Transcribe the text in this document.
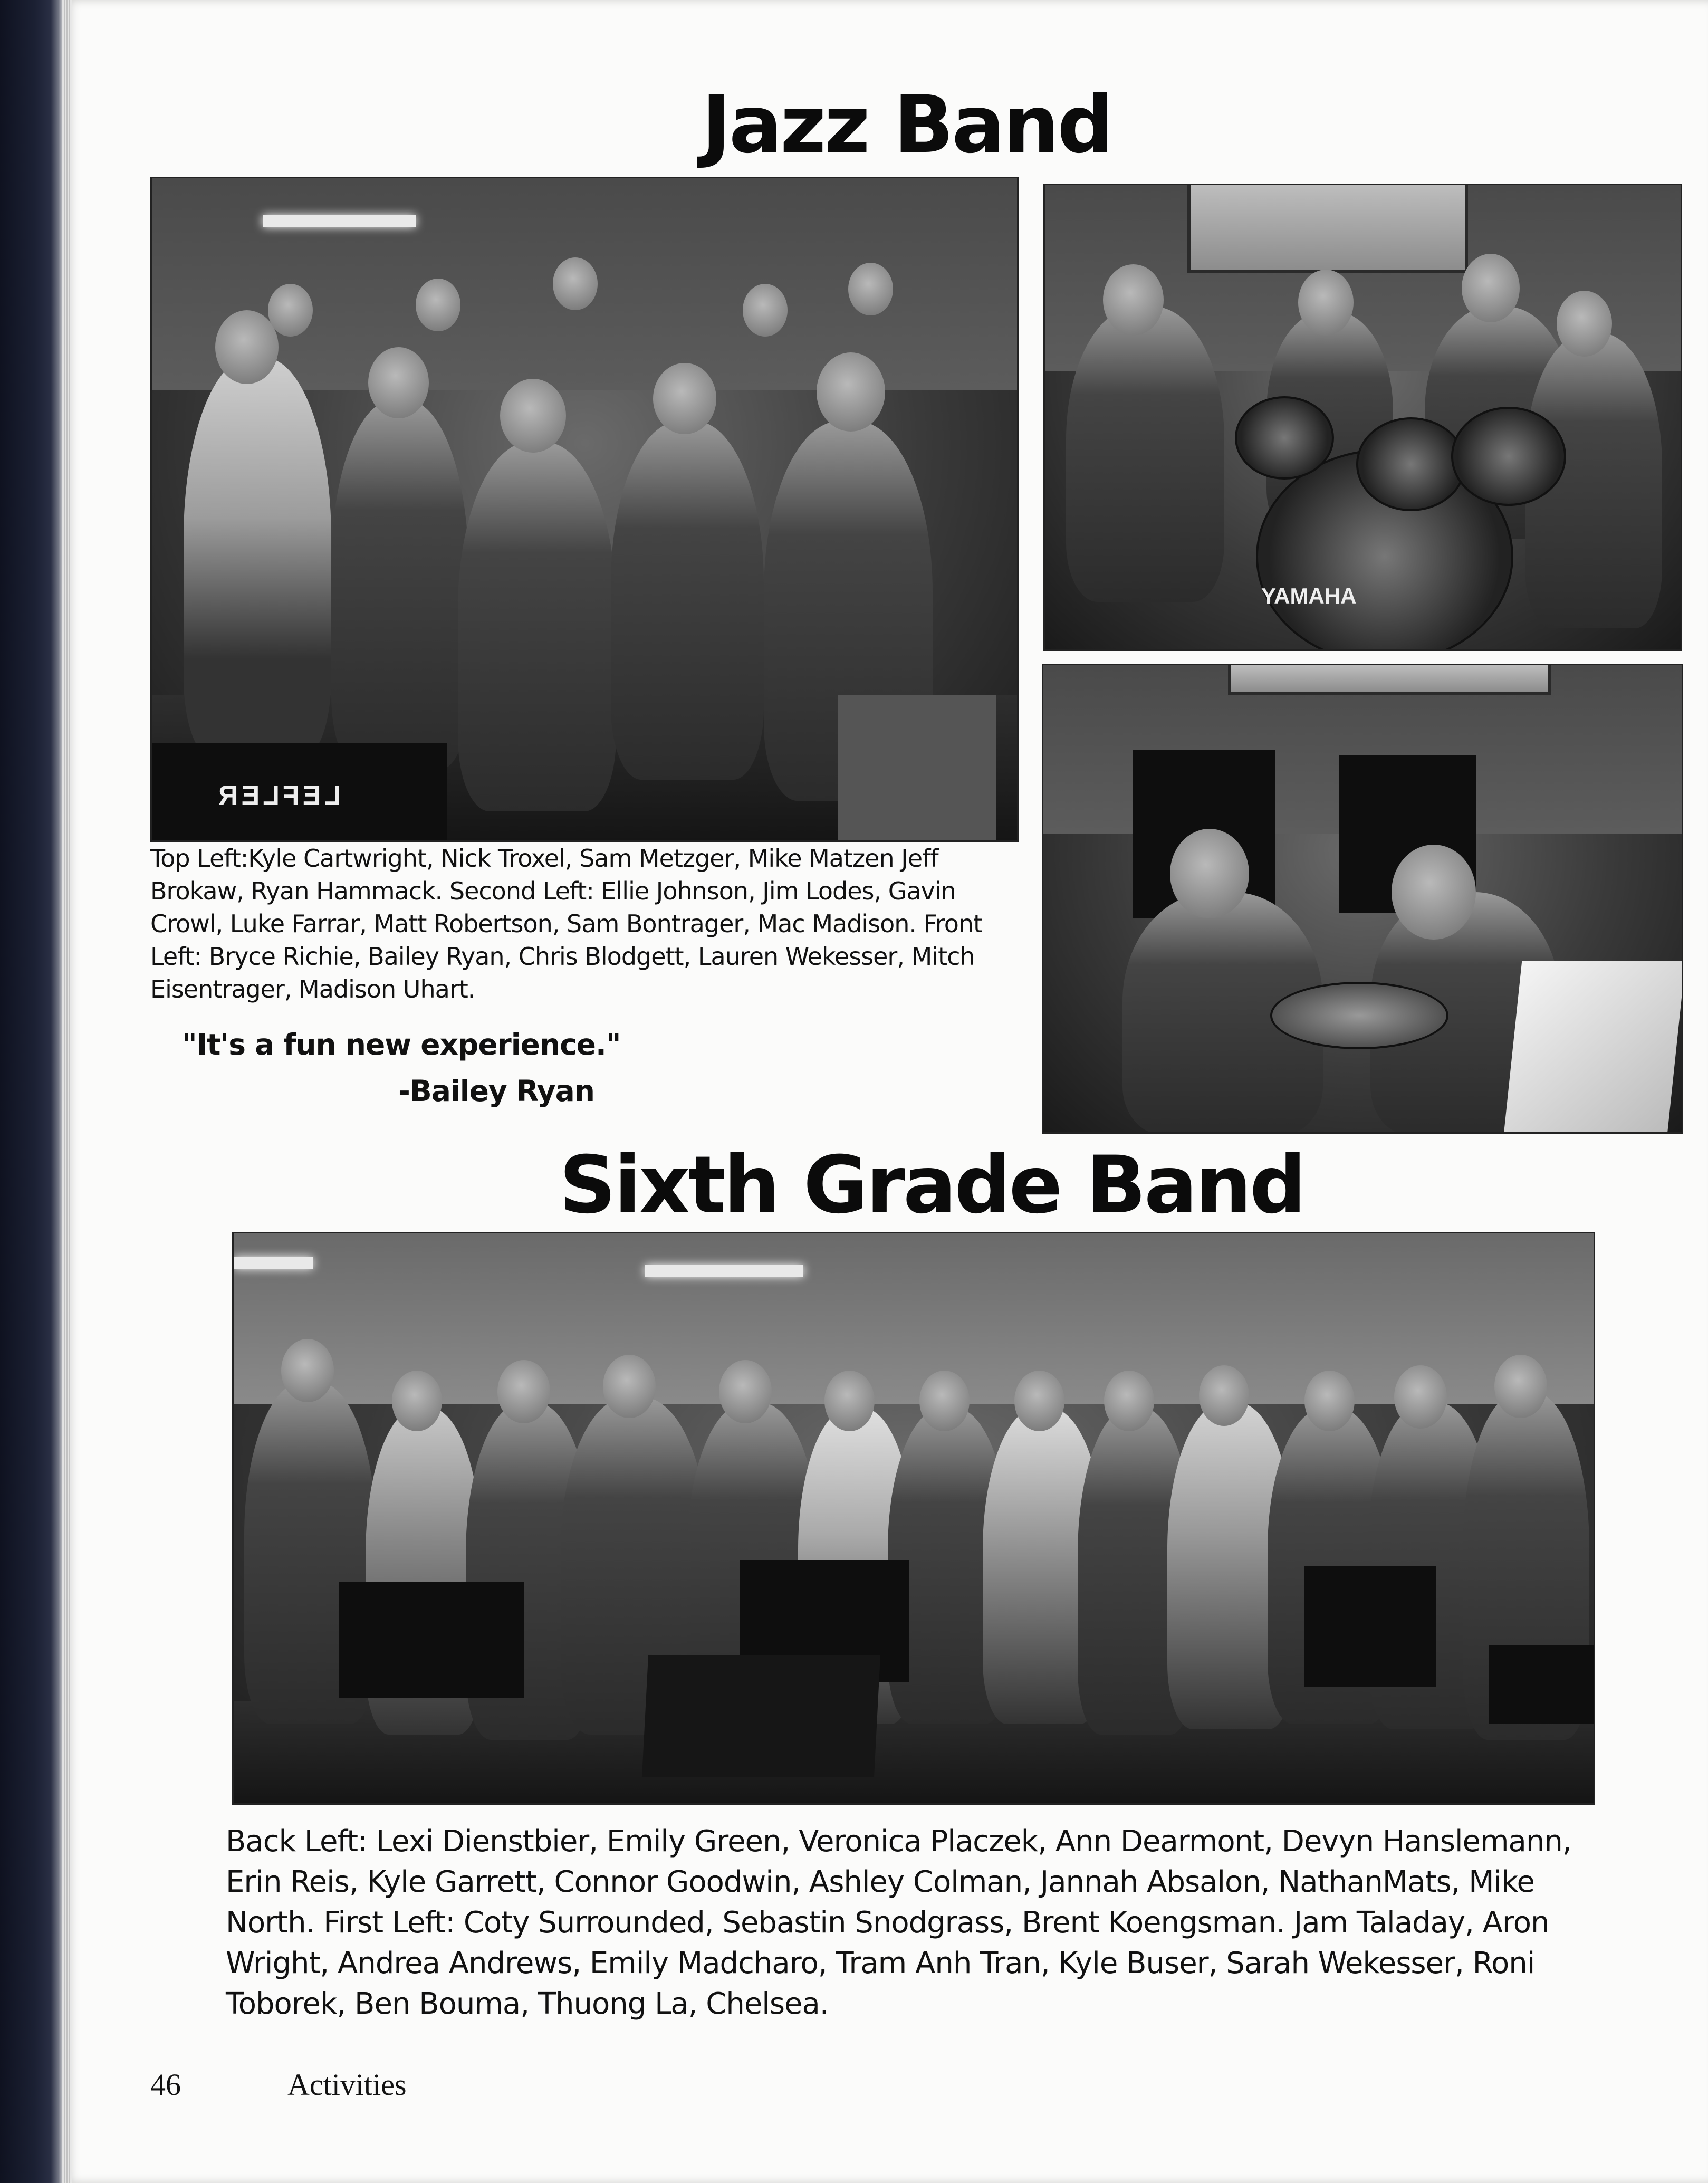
Jazz Band
LEFLER
YAMAHA

Top Left:Kyle Cartwright, Nick Troxel, Sam Metzger, Mike Matzen Jeff Brokaw, Ryan Hammack. Second Left: Ellie Johnson, Jim Lodes, Gavin Crowl, Luke Farrar, Matt Robertson, Sam Bontrager, Mac Madison. Front Left: Bryce Richie, Bailey Ryan, Chris Blodgett, Lauren Wekesser, Mitch Eisentrager, Madison Uhart.

"It's a fun new experience."

-Bailey Ryan

Sixth Grade Band

Back Left: Lexi Dienstbier, Emily Green, Veronica Placzek, Ann Dearmont, Devyn Hanslemann, Erin Reis, Kyle Garrett, Connor Goodwin, Ashley Colman, Jannah Absalon, NathanMats, Mike North. First Left: Coty Surrounded, Sebastin Snodgrass, Brent Koengsman. Jam Taladay, Aron Wright, Andrea Andrews, Emily Madcharo, Tram Anh Tran, Kyle Buser, Sarah Wekesser, Roni Toborek, Ben Bouma, Thuong La, Chelsea.

46	Activities
